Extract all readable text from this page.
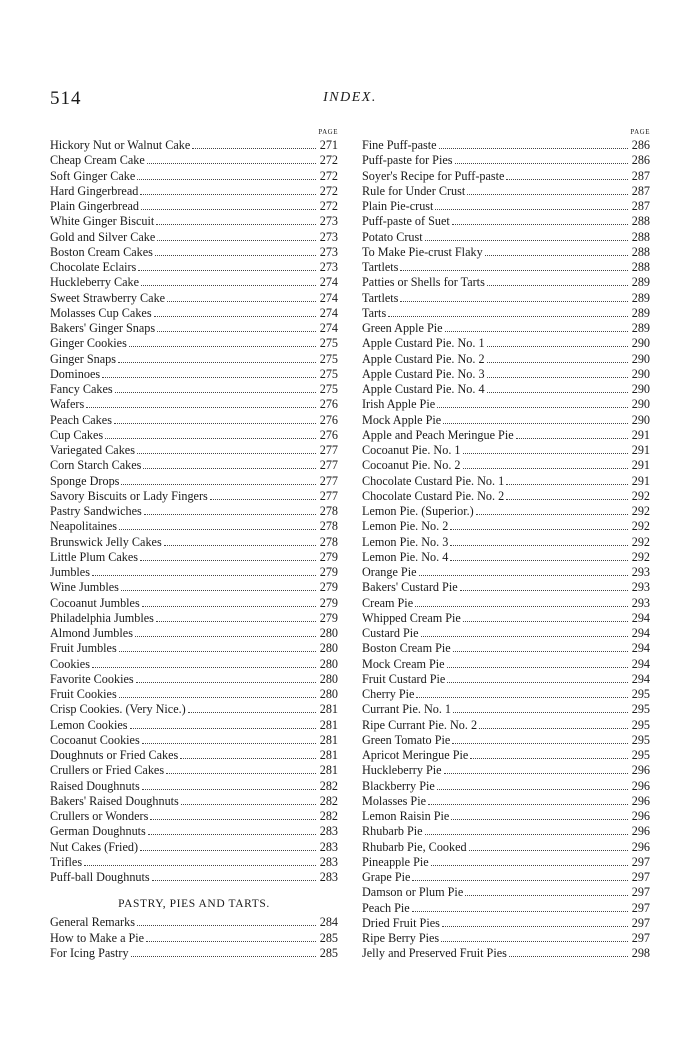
514	INDEX.
PAGE
Hickory Nut or Walnut Cake	271
Cheap Cream Cake	272
Soft Ginger Cake	272
Hard Gingerbread	272
Plain Gingerbread	272
White Ginger Biscuit	273
Gold and Silver Cake	273
Boston Cream Cakes	273
Chocolate Eclairs	273
Huckleberry Cake	274
Sweet Strawberry Cake	274
Molasses Cup Cakes	274
Bakers' Ginger Snaps	274
Ginger Cookies	275
Ginger Snaps	275
Dominoes	275
Fancy Cakes	275
Wafers	276
Peach Cakes	276
Cup Cakes	276
Variegated Cakes	277
Corn Starch Cakes	277
Sponge Drops	277
Savory Biscuits or Lady Fingers	277
Pastry Sandwiches	278
Neapolitaines	278
Brunswick Jelly Cakes	278
Little Plum Cakes	279
Jumbles	279
Wine Jumbles	279
Cocoanut Jumbles	279
Philadelphia Jumbles	279
Almond Jumbles	280
Fruit Jumbles	280
Cookies	280
Favorite Cookies	280
Fruit Cookies	280
Crisp Cookies. (Very Nice.)	281
Lemon Cookies	281
Cocoanut Cookies	281
Doughnuts or Fried Cakes	281
Crullers or Fried Cakes	281
Raised Doughnuts	282
Bakers' Raised Doughnuts	282
Crullers or Wonders	282
German Doughnuts	283
Nut Cakes (Fried)	283
Trifles	283
Puff-ball Doughnuts	283
PASTRY, PIES AND TARTS.
General Remarks	284
How to Make a Pie	285
For Icing Pastry	285
PAGE
Fine Puff-paste	286
Puff-paste for Pies	286
Soyer's Recipe for Puff-paste	287
Rule for Under Crust	287
Plain Pie-crust	287
Puff-paste of Suet	288
Potato Crust	288
To Make Pie-crust Flaky	288
Tartlets	288
Patties or Shells for Tarts	289
Tartlets	289
Tarts	289
Green Apple Pie	289
Apple Custard Pie. No. 1	290
Apple Custard Pie. No. 2	290
Apple Custard Pie. No. 3	290
Apple Custard Pie. No. 4	290
Irish Apple Pie	290
Mock Apple Pie	290
Apple and Peach Meringue Pie	291
Cocoanut Pie. No. 1	291
Cocoanut Pie. No. 2	291
Chocolate Custard Pie. No. 1	291
Chocolate Custard Pie. No. 2	292
Lemon Pie. (Superior.)	292
Lemon Pie. No. 2	292
Lemon Pie. No. 3	292
Lemon Pie. No. 4	292
Orange Pie	293
Bakers' Custard Pie	293
Cream Pie	293
Whipped Cream Pie	294
Custard Pie	294
Boston Cream Pie	294
Mock Cream Pie	294
Fruit Custard Pie	294
Cherry Pie	295
Currant Pie. No. 1	295
Ripe Currant Pie. No. 2	295
Green Tomato Pie	295
Apricot Meringue Pie	295
Huckleberry Pie	296
Blackberry Pie	296
Molasses Pie	296
Lemon Raisin Pie	296
Rhubarb Pie	296
Rhubarb Pie, Cooked	296
Pineapple Pie	297
Grape Pie	297
Damson or Plum Pie	297
Peach Pie	297
Dried Fruit Pies	297
Ripe Berry Pies	297
Jelly and Preserved Fruit Pies	298
